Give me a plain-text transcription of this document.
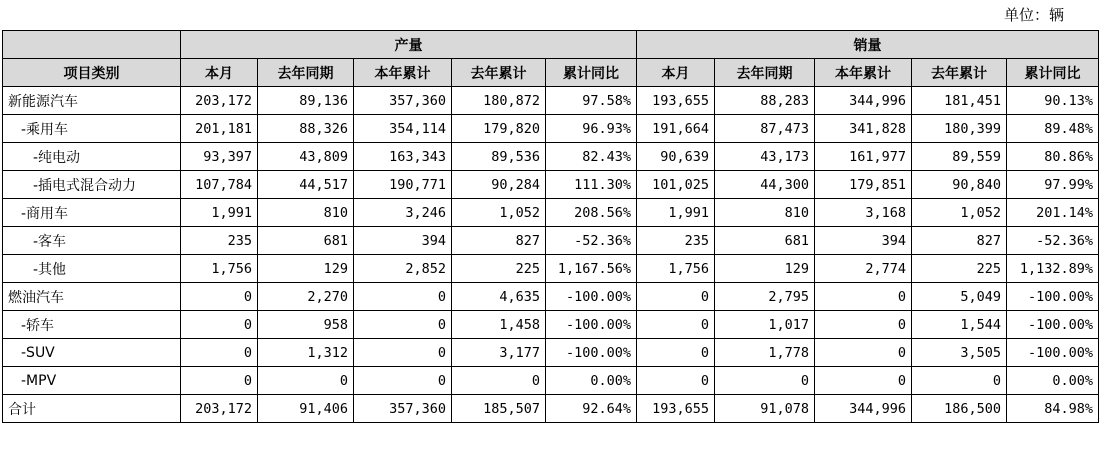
单位：辆
	产量					销量				
项目类别	本月	去年同期	本年累计	去年累计	累计同比	本月	去年同期	本年累计	去年累计	累计同比
新能源汽车	203,172	89,136	357,360	180,872	97.58%	193,655	88,283	344,996	181,451	90.13%
-乘用车	201,181	88,326	354,114	179,820	96.93%	191,664	87,473	341,828	180,399	89.48%
-纯电动	93,397	43,809	163,343	89,536	82.43%	90,639	43,173	161,977	89,559	80.86%
-插电式混合动力	107,784	44,517	190,771	90,284	111.30%	101,025	44,300	179,851	90,840	97.99%
-商用车	1,991	810	3,246	1,052	208.56%	1,991	810	3,168	1,052	201.14%
-客车	235	681	394	827	-52.36%	235	681	394	827	-52.36%
-其他	1,756	129	2,852	225	1,167.56%	1,756	129	2,774	225	1,132.89%
燃油汽车	0	2,270	0	4,635	-100.00%	0	2,795	0	5,049	-100.00%
-轿车	0	958	0	1,458	-100.00%	0	1,017	0	1,544	-100.00%
-SUV	0	1,312	0	3,177	-100.00%	0	1,778	0	3,505	-100.00%
-MPV	0	0	0	0	0.00%	0	0	0	0	0.00%
合计	203,172	91,406	357,360	185,507	92.64%	193,655	91,078	344,996	186,500	84.98%
